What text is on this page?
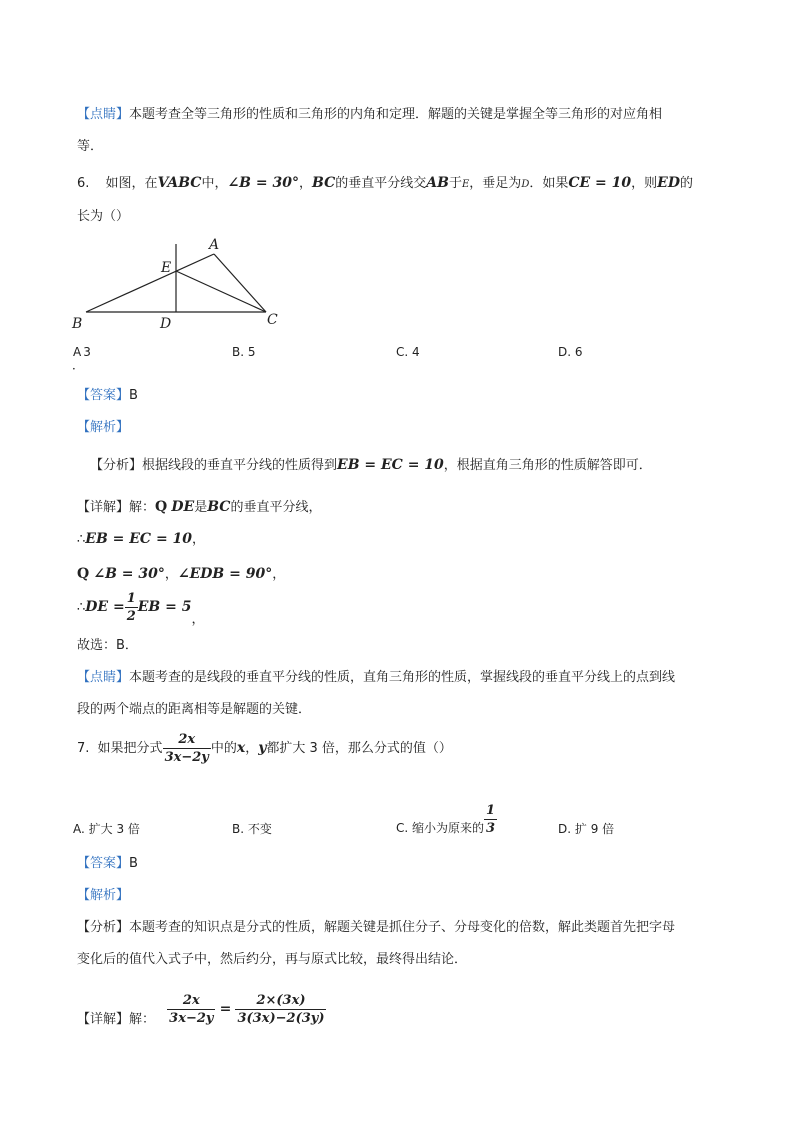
【点睛】本题考查全等三角形的性质和三角形的内角和定理．解题的关键是掌握全等三角形的对应角相
等．
6. 如图，在VABC中，∠B = 30°，BC的垂直平分线交AB于E，垂足为D．如果CE = 10，则ED的
长为（）
A
E
B	D	C
A 3
．
B. 5	C. 4	D. 6
【答案】B
【解析】
【分析】根据线段的垂直平分线的性质得到EB = EC = 10，根据直角三角形的性质解答即可．
【详解】解：Q DE是BC的垂直平分线，
∴EB = EC = 10，
Q ∠B = 30°，∠EDB = 90°，
∴DE = $\frac{1}{2}$ EB = 5，
故选：B．
【点睛】本题考查的是线段的垂直平分线的性质，直角三角形的性质，掌握线段的垂直平分线上的点到线
段的两个端点的距离相等是解题的关键．
7. 如果把分式 $\frac{2x}{3x-2y}$ 中的x，y都扩大 3 倍，那么分式的值（）
A. 扩大 3 倍	B. 不变	C. 缩小为原来的 $\frac{1}{3}$	D. 扩 9 倍
【答案】B
【解析】
【分析】本题考查的知识点是分式的性质，解题关键是抓住分子、分母变化的倍数，解此类题首先把字母
变化后的值代入式子中，然后约分，再与原式比较，最终得出结论．
【详解】解： $\frac{2x}{3x-2y} = \frac{2\times(3x)}{3(3x)-2(3y)}$
